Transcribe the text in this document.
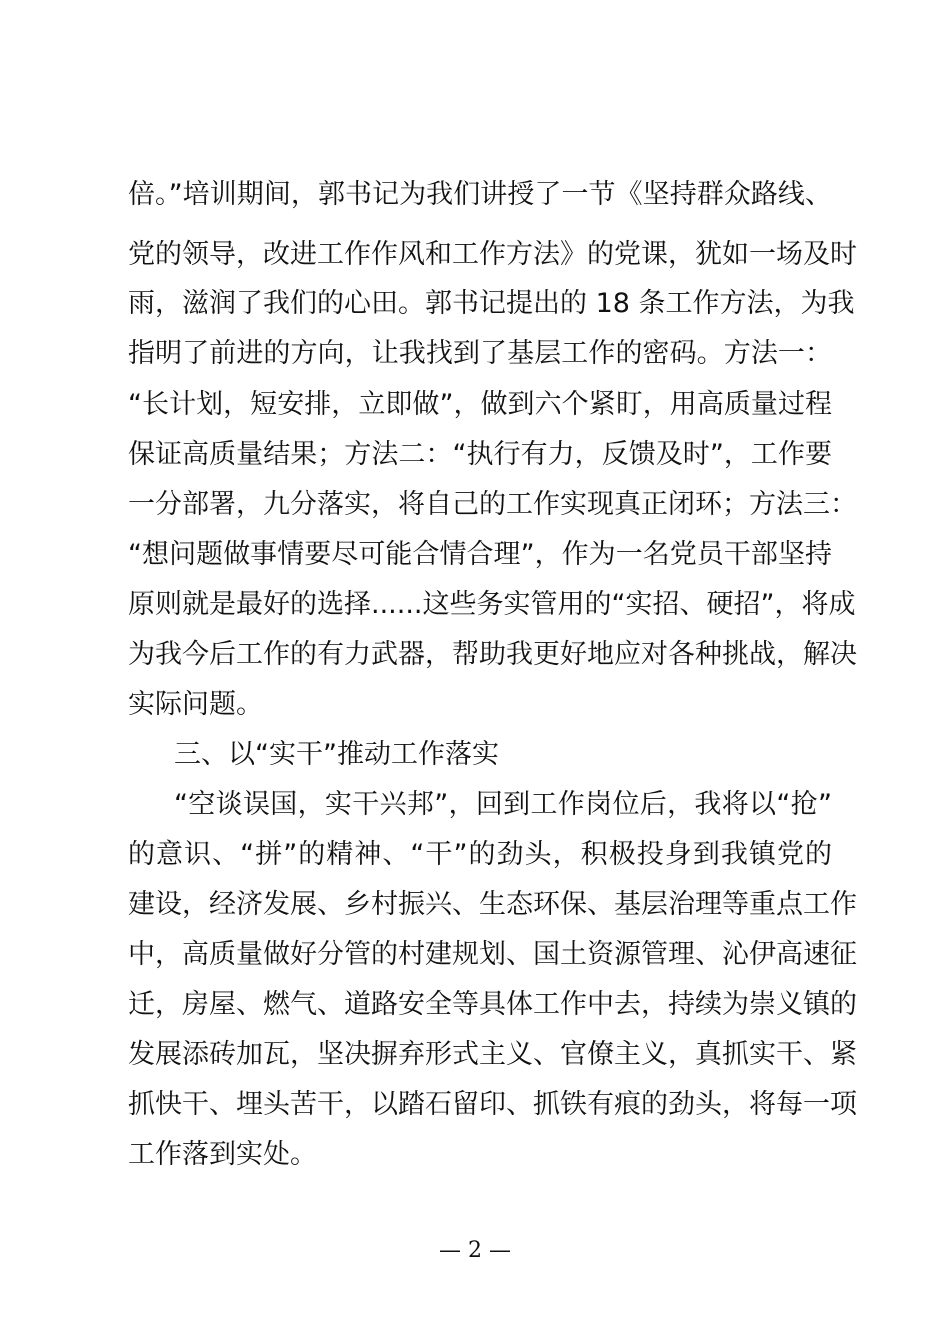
倍。”培训期间，郭书记为我们讲授了一节《坚持群众路线、
党的领导，改进工作作风和工作方法》的党课，犹如一场及时
雨，滋润了我们的心田。郭书记提出的 18 条工作方法，为我
指明了前进的方向，让我找到了基层工作的密码。方法一：
“长计划，短安排，立即做”，做到六个紧盯，用高质量过程
保证高质量结果；方法二：“执行有力，反馈及时”，工作要
一分部署，九分落实，将自己的工作实现真正闭环；方法三：
“想问题做事情要尽可能合情合理”，作为一名党员干部坚持
原则就是最好的选择......这些务实管用的“实招、硬招”，将成
为我今后工作的有力武器，帮助我更好地应对各种挑战，解决
实际问题。
三、以“实干”推动工作落实
“空谈误国，实干兴邦”，回到工作岗位后，我将以“抢”
的意识、“拼”的精神、“干”的劲头，积极投身到我镇党的
建设，经济发展、乡村振兴、生态环保、基层治理等重点工作
中，高质量做好分管的村建规划、国土资源管理、沁伊高速征
迁，房屋、燃气、道路安全等具体工作中去，持续为崇义镇的
发展添砖加瓦，坚决摒弃形式主义、官僚主义，真抓实干、紧
抓快干、埋头苦干，以踏石留印、抓铁有痕的劲头，将每一项
工作落到实处。
— 2 —
